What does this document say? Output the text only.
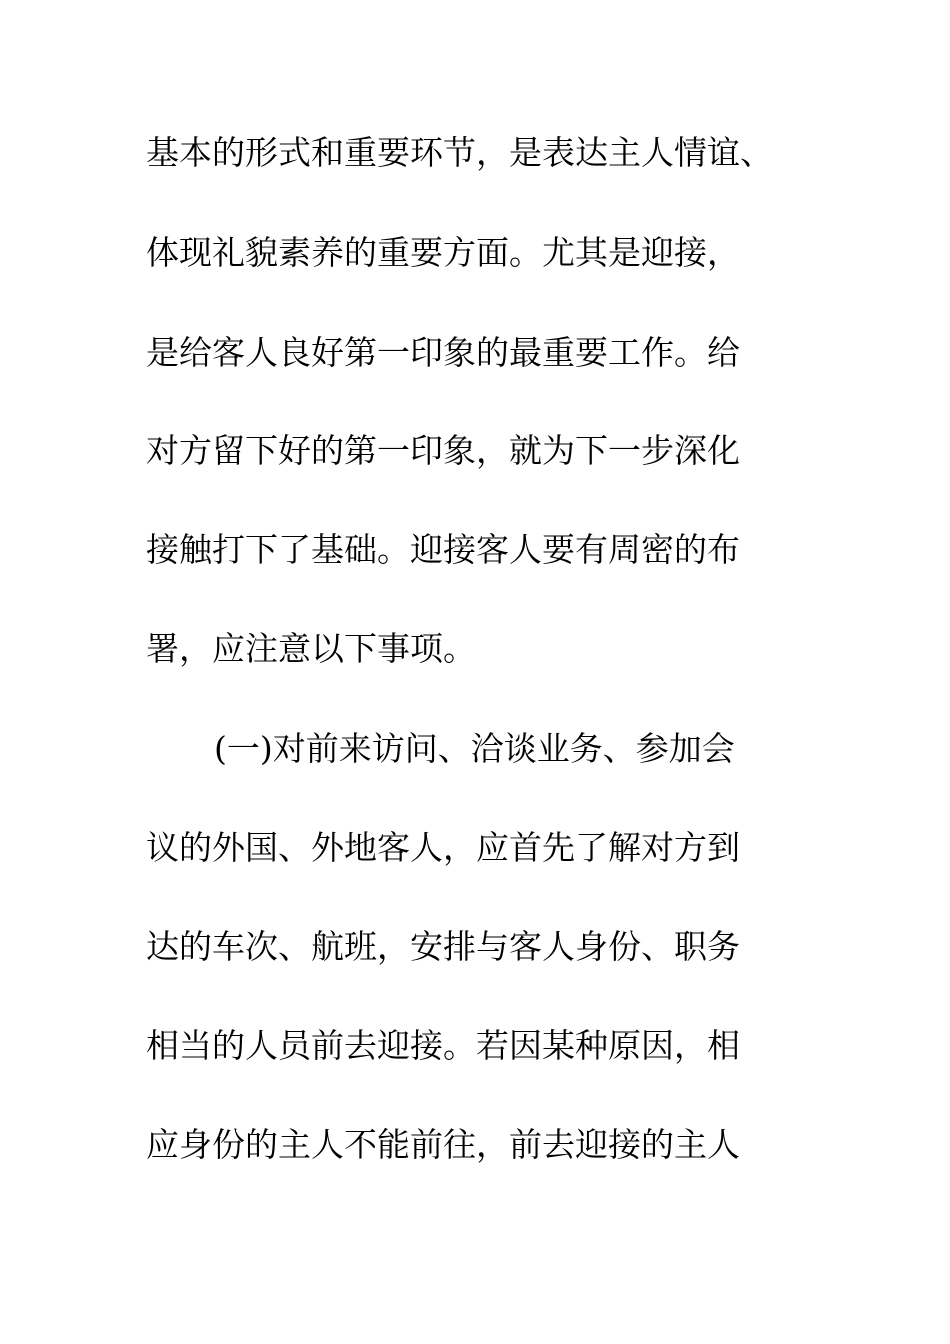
基本的形式和重要环节，是表达主人情谊、
体现礼貌素养的重要方面。尤其是迎接，
是给客人良好第一印象的最重要工作。给
对方留下好的第一印象，就为下一步深化
接触打下了基础。迎接客人要有周密的布
署，应注意以下事项。
(一)对前来访问、洽谈业务、参加会
议的外国、外地客人，应首先了解对方到
达的车次、航班，安排与客人身份、职务
相当的人员前去迎接。若因某种原因，相
应身份的主人不能前往，前去迎接的主人
